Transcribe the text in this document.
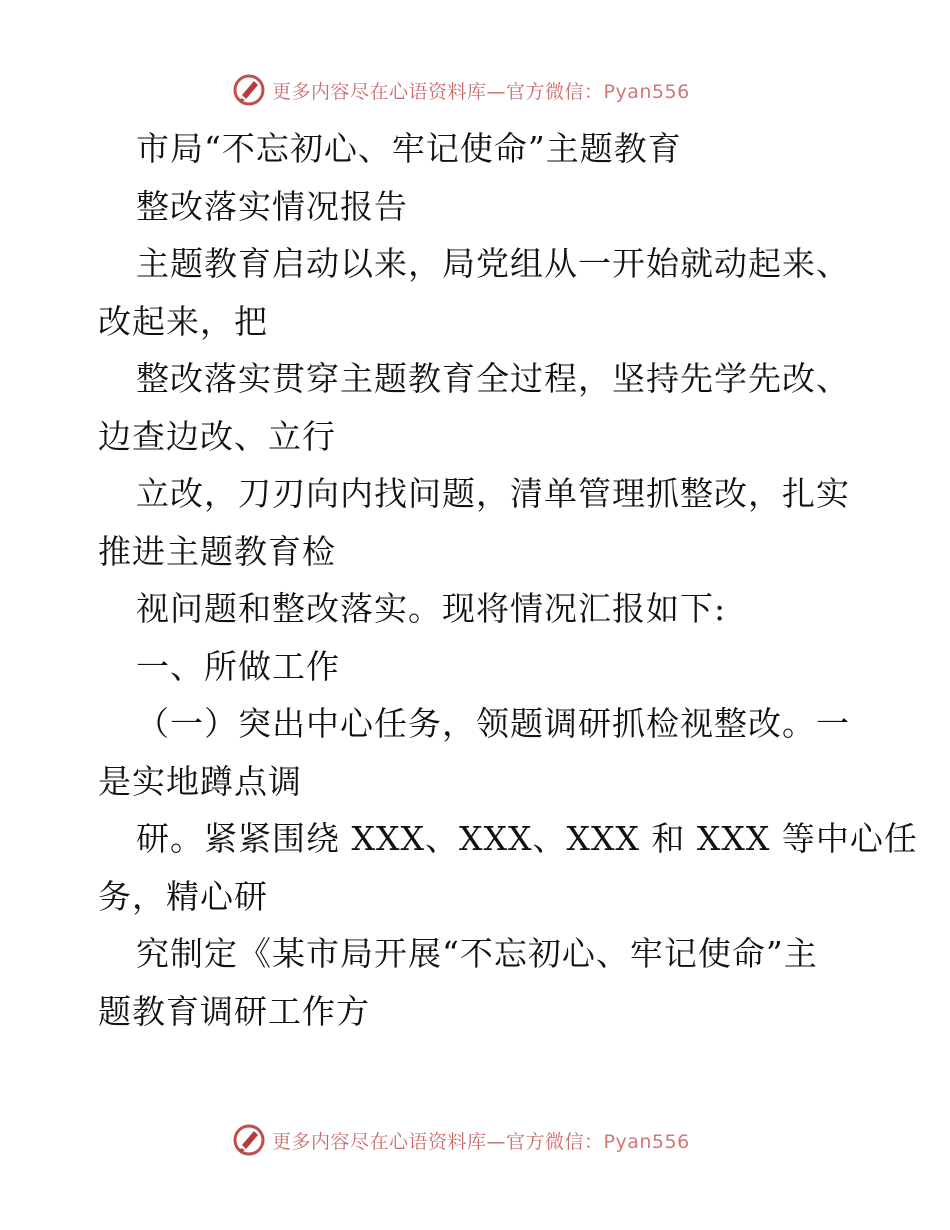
更多内容尽在心语资料库—官方微信：Pyan556
市局“不忘初心、牢记使命”主题教育
整改落实情况报告
主题教育启动以来，局党组从一开始就动起来、
改起来，把
整改落实贯穿主题教育全过程，坚持先学先改、
边查边改、立行
立改，刀刃向内找问题，清单管理抓整改，扎实
推进主题教育检
视问题和整改落实。现将情况汇报如下:
一、所做工作
（一）突出中心任务，领题调研抓检视整改。一
是实地蹲点调
研。紧紧围绕 XXX、XXX、XXX 和 XXX 等中心任
务，精心研
究制定《某市局开展“不忘初心、牢记使命”主
题教育调研工作方
更多内容尽在心语资料库—官方微信：Pyan556
